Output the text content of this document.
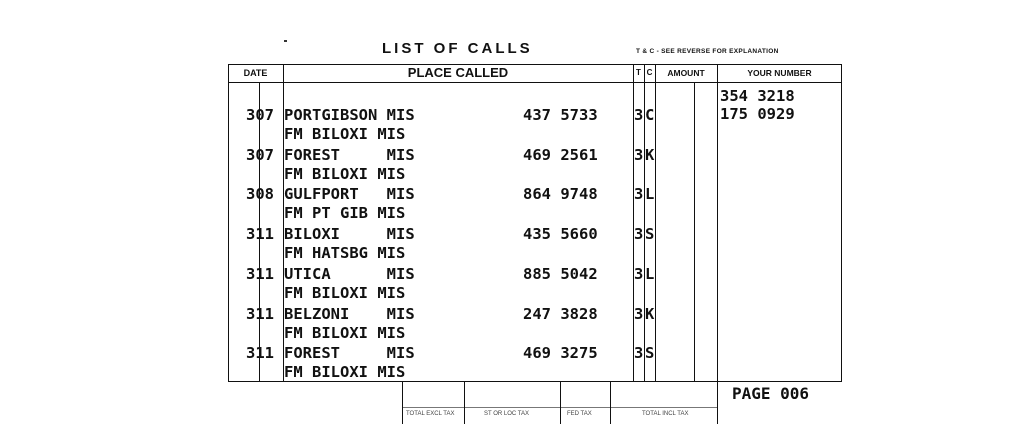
LIST OF CALLS	T & C - SEE REVERSE FOR EXPLANATION
DATE	PLACE CALLED	T C	AMOUNT	YOUR NUMBER
TOTAL EXCL TAX	ST OR LOC TAX	FED TAX	TOTAL INCL TAX
354 3218
175 0929
307 PORTGIBSON MIS	437 5733 3 C
FM BILOXI MIS
307 FOREST     MIS	469 2561 3 K
FM BILOXI MIS
308 GULFPORT   MIS	864 9748 3 L
FM PT GIB MIS
311 BILOXI     MIS	435 5660 3 S
FM HATSBG MIS
311 UTICA      MIS	885 5042 3 L
FM BILOXI MIS
311 BELZONI    MIS	247 3828 3 K
FM BILOXI MIS
311 FOREST     MIS	469 3275 3 S
FM BILOXI MIS
PAGE 006
